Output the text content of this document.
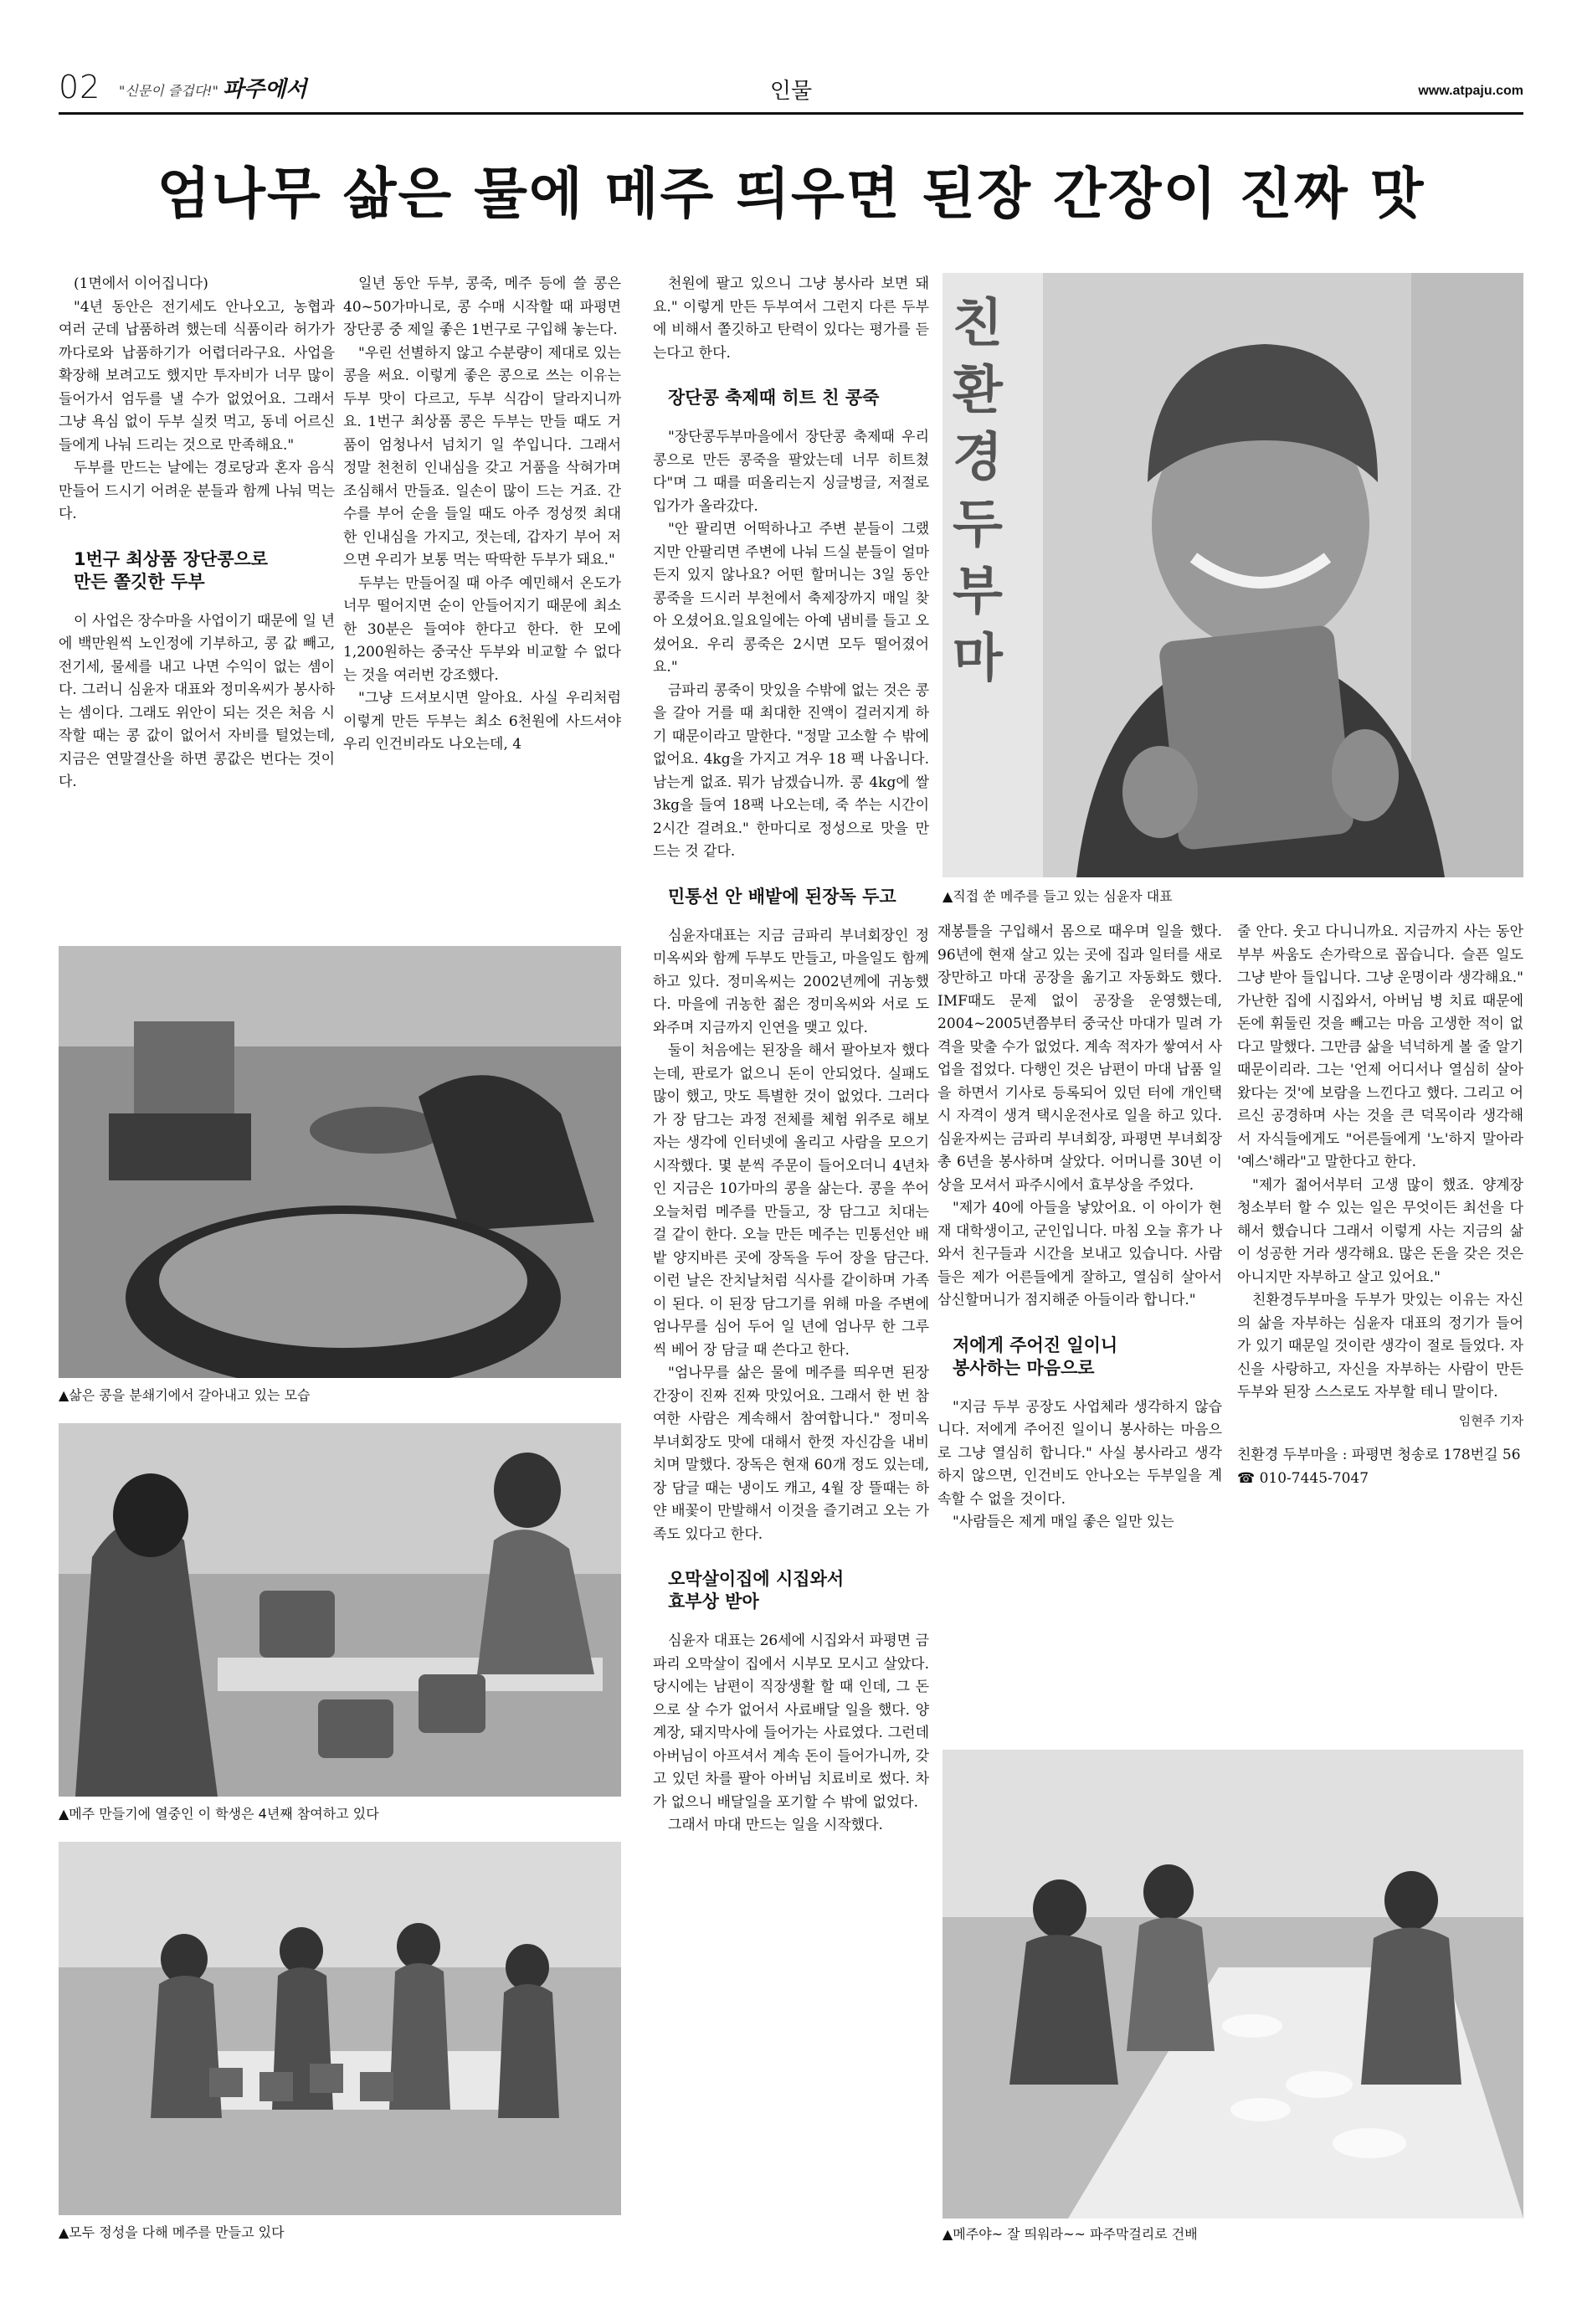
02 "신문이 즐겁다!" 파주에서	인물	www.atpaju.com
엄나무 삶은 물에 메주 띄우면 된장 간장이 진짜 맛

(1면에서 이어집니다)

"4년 동안은 전기세도 안나오고, 농협과 여러 군데 납품하려 했는데 식품이라 허가가 까다로와 납품하기가 어렵더라구요. 사업을 확장해 보려고도 했지만 투자비가 너무 많이 들어가서 엄두를 낼 수가 없었어요. 그래서 그냥 욕심 없이 두부 실컷 먹고, 동네 어르신들에게 나눠 드리는 것으로 만족해요."

두부를 만드는 날에는 경로당과 혼자 음식 만들어 드시기 어려운 분들과 함께 나눠 먹는다.

1번구 최상품 장단콩으로
만든 쫄깃한 두부

이 사업은 장수마을 사업이기 때문에 일 년에 백만원씩 노인정에 기부하고, 콩 값 빼고, 전기세, 물세를 내고 나면 수익이 없는 셈이다. 그러니 심윤자 대표와 정미옥씨가 봉사하는 셈이다. 그래도 위안이 되는 것은 처음 시작할 때는 콩 값이 없어서 자비를 털었는데, 지금은 연말결산을 하면 콩값은 번다는 것이다.

일년 동안 두부, 콩죽, 메주 등에 쓸 콩은 40~50가마니로, 콩 수매 시작할 때 파평면 장단콩 중 제일 좋은 1번구로 구입해 놓는다.

"우린 선별하지 않고 수분량이 제대로 있는 콩을 써요. 이렇게 좋은 콩으로 쓰는 이유는 두부 맛이 다르고, 두부 식감이 달라지니까요. 1번구 최상품 콩은 두부는 만들 때도 거품이 엄청나서 넘치기 일 쑤입니다. 그래서 정말 천천히 인내심을 갖고 거품을 삭혀가며 조심해서 만들죠. 일손이 많이 드는 거죠. 간수를 부어 순을 들일 때도 아주 정성껏 최대한 인내심을 가지고, 젓는데, 갑자기 부어 저으면 우리가 보통 먹는 딱딱한 두부가 돼요."

두부는 만들어질 때 아주 예민해서 온도가 너무 떨어지면 순이 안들어지기 때문에 최소한 30분은 들여야 한다고 한다. 한 모에 1,200원하는 중국산 두부와 비교할 수 없다는 것을 여러번 강조했다.

"그냥 드셔보시면 알아요. 사실 우리처럼 이렇게 만든 두부는 최소 6천원에 사드셔야 우리 인건비라도 나오는데, 4

천원에 팔고 있으니 그냥 봉사라 보면 돼요." 이렇게 만든 두부여서 그런지 다른 두부에 비해서 쫄깃하고 탄력이 있다는 평가를 듣는다고 한다.

장단콩 축제때 히트 친 콩죽

"장단콩두부마을에서 장단콩 축제때 우리 콩으로 만든 콩죽을 팔았는데 너무 히트쳤다"며 그 때를 떠올리는지 싱글벙글, 저절로 입가가 올라갔다.

"안 팔리면 어떡하나고 주변 분들이 그랬지만 안팔리면 주변에 나눠 드실 분들이 얼마든지 있지 않나요? 어떤 할머니는 3일 동안 콩죽을 드시러 부천에서 축제장까지 매일 찾아 오셨어요.일요일에는 아예 냄비를 들고 오셨어요. 우리 콩죽은 2시면 모두 떨어졌어요."

금파리 콩죽이 맛있을 수밖에 없는 것은 콩을 갈아 거를 때 최대한 진액이 걸러지게 하기 때문이라고 말한다. "정말 고소할 수 밖에 없어요. 4kg을 가지고 겨우 18 팩 나옵니다. 남는게 없죠. 뭐가 남겠습니까. 콩 4kg에 쌀 3kg을 들여 18팩 나오는데, 죽 쑤는 시간이 2시간 걸려요." 한마디로 정성으로 맛을 만드는 것 같다.

민통선 안 배밭에 된장독 두고

심윤자대표는 지금 금파리 부녀회장인 정미옥씨와 함께 두부도 만들고, 마을일도 함께하고 있다. 정미옥씨는 2002년께에 귀농했다. 마을에 귀농한 젊은 정미옥씨와 서로 도와주며 지금까지 인연을 맺고 있다.

둘이 처음에는 된장을 해서 팔아보자 했다는데, 판로가 없으니 돈이 안되었다. 실패도 많이 했고, 맛도 특별한 것이 없었다. 그러다가 장 담그는 과정 전체를 체험 위주로 해보자는 생각에 인터넷에 올리고 사람을 모으기 시작했다. 몇 분씩 주문이 들어오더니 4년차인 지금은 10가마의 콩을 삶는다. 콩을 쑤어 오늘처럼 메주를 만들고, 장 담그고 치대는 걸 같이 한다. 오늘 만든 메주는 민통선안 배밭 양지바른 곳에 장독을 두어 장을 담근다. 이런 날은 잔치날처럼 식사를 같이하며 가족이 된다. 이 된장 담그기를 위해 마을 주변에 엄나무를 심어 두어 일 년에 엄나무 한 그루씩 베어 장 담글 때 쓴다고 한다.

"엄나무를 삶은 물에 메주를 띄우면 된장 간장이 진짜 진짜 맛있어요. 그래서 한 번 참여한 사람은 계속해서 참여합니다." 정미옥 부녀회장도 맛에 대해서 한껏 자신감을 내비치며 말했다. 장독은 현재 60개 정도 있는데, 장 담글 때는 냉이도 캐고, 4월 장 뜰때는 하얀 배꽃이 만발해서 이것을 즐기려고 오는 가족도 있다고 한다.

오막살이집에 시집와서
효부상 받아

심윤자 대표는 26세에 시집와서 파평면 금파리 오막살이 집에서 시부모 모시고 살았다. 당시에는 남편이 직장생활 할 때 인데, 그 돈으로 살 수가 없어서 사료배달 일을 했다. 양계장, 돼지막사에 들어가는 사료였다. 그런데 아버님이 아프셔서 계속 돈이 들어가니까, 갖고 있던 차를 팔아 아버님 치료비로 썼다. 차가 없으니 배달일을 포기할 수 밖에 없었다.

그래서 마대 만드는 일을 시작했다.

재봉틀을 구입해서 몸으로 때우며 일을 했다. 96년에 현재 살고 있는 곳에 집과 일터를 새로 장만하고 마대 공장을 옮기고 자동화도 했다. IMF때도 문제 없이 공장을 운영했는데, 2004~2005년쯤부터 중국산 마대가 밀려 가격을 맞출 수가 없었다. 계속 적자가 쌓여서 사업을 접었다. 다행인 것은 남편이 마대 납품 일을 하면서 기사로 등록되어 있던 터에 개인택시 자격이 생겨 택시운전사로 일을 하고 있다. 심윤자씨는 금파리 부녀회장, 파평면 부녀회장 총 6년을 봉사하며 살았다. 어머니를 30년 이상을 모셔서 파주시에서 효부상을 주었다.

"제가 40에 아들을 낳았어요. 이 아이가 현재 대학생이고, 군인입니다. 마침 오늘 휴가 나와서 친구들과 시간을 보내고 있습니다. 사람들은 제가 어른들에게 잘하고, 열심히 살아서 삼신할머니가 점지해준 아들이라 합니다."

저에게 주어진 일이니
봉사하는 마음으로

"지금 두부 공장도 사업체라 생각하지 않습니다. 저에게 주어진 일이니 봉사하는 마음으로 그냥 열심히 합니다." 사실 봉사라고 생각하지 않으면, 인건비도 안나오는 두부일을 계속할 수 없을 것이다.

"사람들은 제게 매일 좋은 일만 있는

줄 안다. 웃고 다니니까요. 지금까지 사는 동안 부부 싸움도 손가락으로 꼽습니다. 슬픈 일도 그냥 받아 들입니다. 그냥 운명이라 생각해요." 가난한 집에 시집와서, 아버님 병 치료 때문에 돈에 휘둘린 것을 빼고는 마음 고생한 적이 없다고 말했다. 그만큼 삶을 넉넉하게 볼 줄 알기 때문이리라. 그는 '언제 어디서나 열심히 살아 왔다는 것'에 보람을 느낀다고 했다. 그리고 어르신 공경하며 사는 것을 큰 덕목이라 생각해서 자식들에게도 "어른들에게 '노'하지 말아라 '예스'해라"고 말한다고 한다.

"제가 젊어서부터 고생 많이 했죠. 양계장 청소부터 할 수 있는 일은 무엇이든 최선을 다해서 했습니다 그래서 이렇게 사는 지금의 삶이 성공한 거라 생각해요. 많은 돈을 갖은 것은 아니지만 자부하고 살고 있어요."

친환경두부마을 두부가 맛있는 이유는 자신의 삶을 자부하는 심윤자 대표의 정기가 들어가 있기 때문일 것이란 생각이 절로 들었다. 자신을 사랑하고, 자신을 자부하는 사람이 만든 두부와 된장 스스로도 자부할 테니 말이다.

임현주 기자

친환경 두부마을 : 파평면 청송로 178번길 56

☎ 010-7445-7047

친환경두부마
▲직접 쑨 메주를 들고 있는 심윤자 대표
▲삶은 콩을 분쇄기에서 갈아내고 있는 모습
▲메주 만들기에 열중인 이 학생은 4년째 참여하고 있다
▲모두 정성을 다해 메주를 만들고 있다	▲메주야~ 잘 띄워라~~ 파주막걸리로 건배
